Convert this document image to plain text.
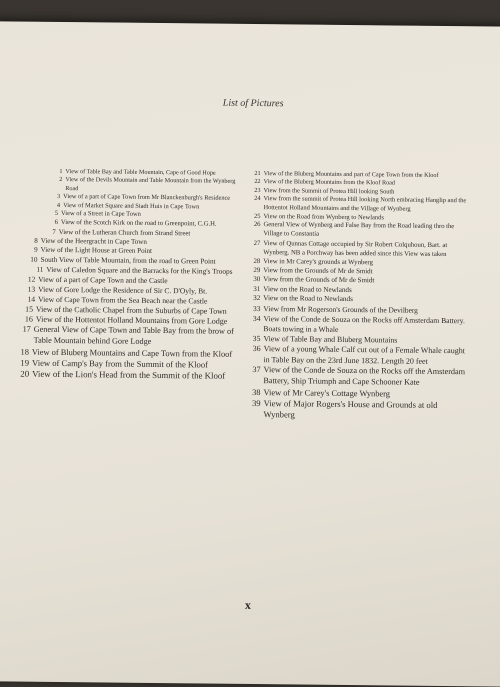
List of Pictures
1 View of Table Bay and Table Mountain, Cape of Good Hope
2 View of the Devils Mountain and Table Mountain from the Wynberg Road
3 View of a part of Cape Town from Mr Blanckenburgh's Residence
4 View of Market Square and Stadt Huis in Cape Town
5 View of a Street in Cape Town
6 View of the Scotch Kirk on the road to Greenpoint, C.G.H.
7 View of the Lutheran Church from Strand Street
8 View of the Heergracht in Cape Town
9 View of the Light House at Green Point
10 South View of Table Mountain, from the road to Green Point
11 View of Caledon Square and the Barracks for the King's Troops
12 View of a part of Cape Town and the Castle
13 View of Gore Lodge the Residence of Sir C. D'Oyly, Bt.
14 View of Cape Town from the Sea Beach near the Castle
15 View of the Catholic Chapel from the Suburbs of Cape Town
16 View of the Hottentot Holland Mountains from Gore Lodge
17 General View of Cape Town and Table Bay from the brow of Table Mountain behind Gore Lodge
18 View of Bluberg Mountains and Cape Town from the Kloof
19 View of Camp's Bay from the Summit of the Kloof
20 View of the Lion's Head from the Summit of the Kloof
21 View of the Bluberg Mountains and part of Cape Town from the Kloof
22 View of the Bluberg Mountains from the Kloof Road
23 View from the Summit of Protea Hill looking South
24 View from the summit of Protea Hill looking North embracing Hanglip and the Hottentot Holland Mountains and the Village of Wynberg
25 View on the Road from Wynberg to Newlands
26 General View of Wynberg and False Bay from the Road leading thro the Village to Constantia
27 View of Qunnas Cottage occupied by Sir Robert Colquhoun, Bart. at Wynberg. NB a Porchway has been added since this View was taken
28 View in Mr Carey's grounds at Wynberg
29 View from the Grounds of Mr de Smidt
30 View from the Grounds of Mr de Smidt
31 View on the Road to Newlands
32 View on the Road to Newlands
33 View from Mr Rogerson's Grounds of the Devilberg
34 View of the Conde de Souza on the Rocks off Amsterdam Battery. Boats towing in a Whale
35 View of Table Bay and Bluberg Mountains
36 View of a young Whale Calf cut out of a Female Whale caught in Table Bay on the 23rd June 1832. Length 20 feet
37 View of the Conde de Souza on the Rocks off the Amsterdam Battery, Ship Triumph and Cape Schooner Kate
38 View of Mr Carey's Cottage Wynberg
39 View of Major Rogers's House and Grounds at old Wynberg
x
